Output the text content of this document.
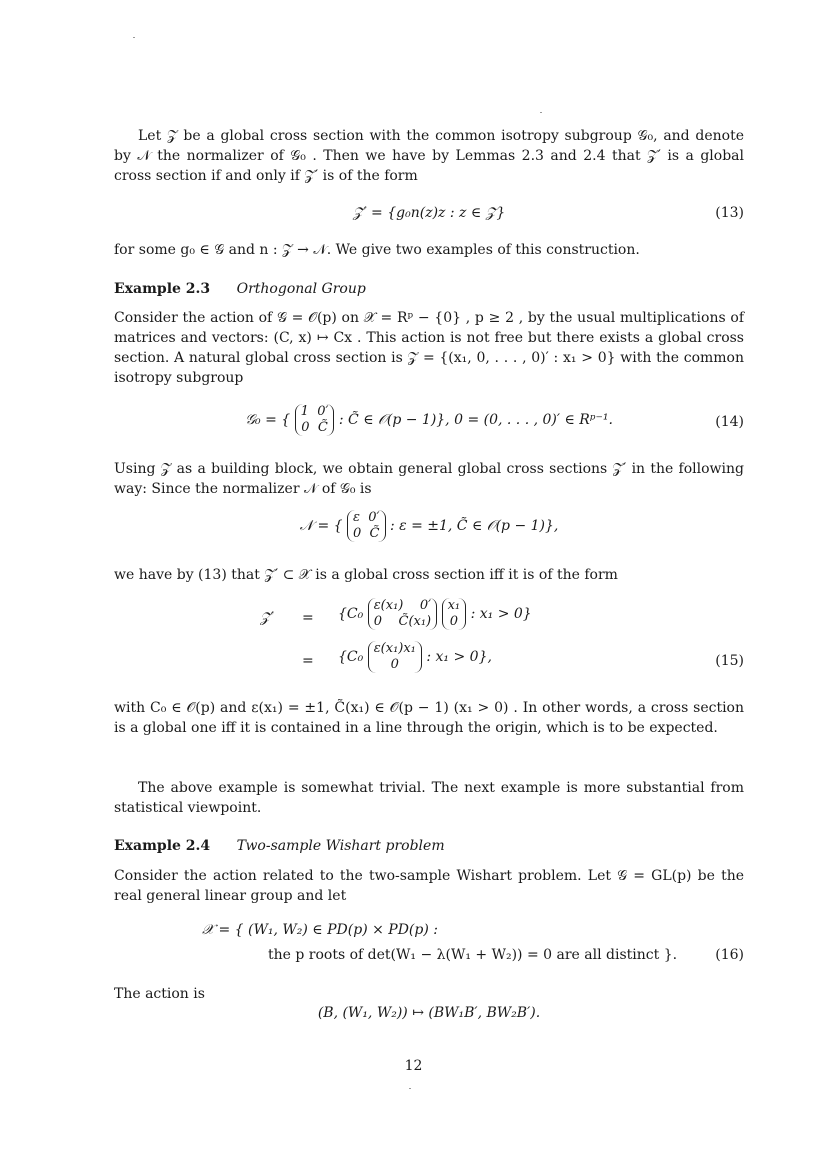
Let 𝒵 be a global cross section with the common isotropy subgroup 𝒢₀, and denote by 𝒩 the normalizer of 𝒢₀ . Then we have by Lemmas 2.3 and 2.4 that 𝒵′ is a global cross section if and only if 𝒵′ is of the form
𝒵′ = {g₀n(z)z : z ∈ 𝒵}	(13)
for some g₀ ∈ 𝒢 and n : 𝒵 → 𝒩. We give two examples of this construction.
Example 2.3 Orthogonal Group
Consider the action of 𝒢 = 𝒪(p) on 𝒳 = Rᵖ − {0} , p ≥ 2 , by the usual multiplications of matrices and vectors: (C, x) ↦ Cx . This action is not free but there exists a global cross section. A natural global cross section is 𝒵 = {(x₁, 0, . . . , 0)′ : x₁ > 0} with the common isotropy subgroup
𝒢₀ = { 1 0′
0 C̃ : C̃ ∈ 𝒪(p − 1)}, 0 = (0, . . . , 0)′ ∈ Rᵖ⁻¹.	(14)
Using 𝒵 as a building block, we obtain general global cross sections 𝒵′ in the following way: Since the normalizer 𝒩 of 𝒢₀ is
𝒩 = { ε 0′
0 C̃ : ε = ±1, C̃ ∈ 𝒪(p − 1)},
we have by (13) that 𝒵′ ⊂ 𝒳 is a global cross section iff it is of the form
𝒵′ = {C₀ ε(x₁) 0′
0 C̃(x₁) x₁
0 : x₁ > 0}
= {C₀ ε(x₁)x₁
0 : x₁ > 0},	(15)
with C₀ ∈ 𝒪(p) and ε(x₁) = ±1, C̃(x₁) ∈ 𝒪(p − 1) (x₁ > 0) . In other words, a cross section is a global one iff it is contained in a line through the origin, which is to be expected.
The above example is somewhat trivial. The next example is more substantial from statistical viewpoint.
Example 2.4 Two-sample Wishart problem
Consider the action related to the two-sample Wishart problem. Let 𝒢 = GL(p) be the real general linear group and let
𝒳 = { (W₁, W₂) ∈ PD(p) × PD(p) :
the p roots of det(W₁ − λ(W₁ + W₂)) = 0 are all distinct }.	(16)
The action is
(B, (W₁, W₂)) ↦ (BW₁B′, BW₂B′).
12
